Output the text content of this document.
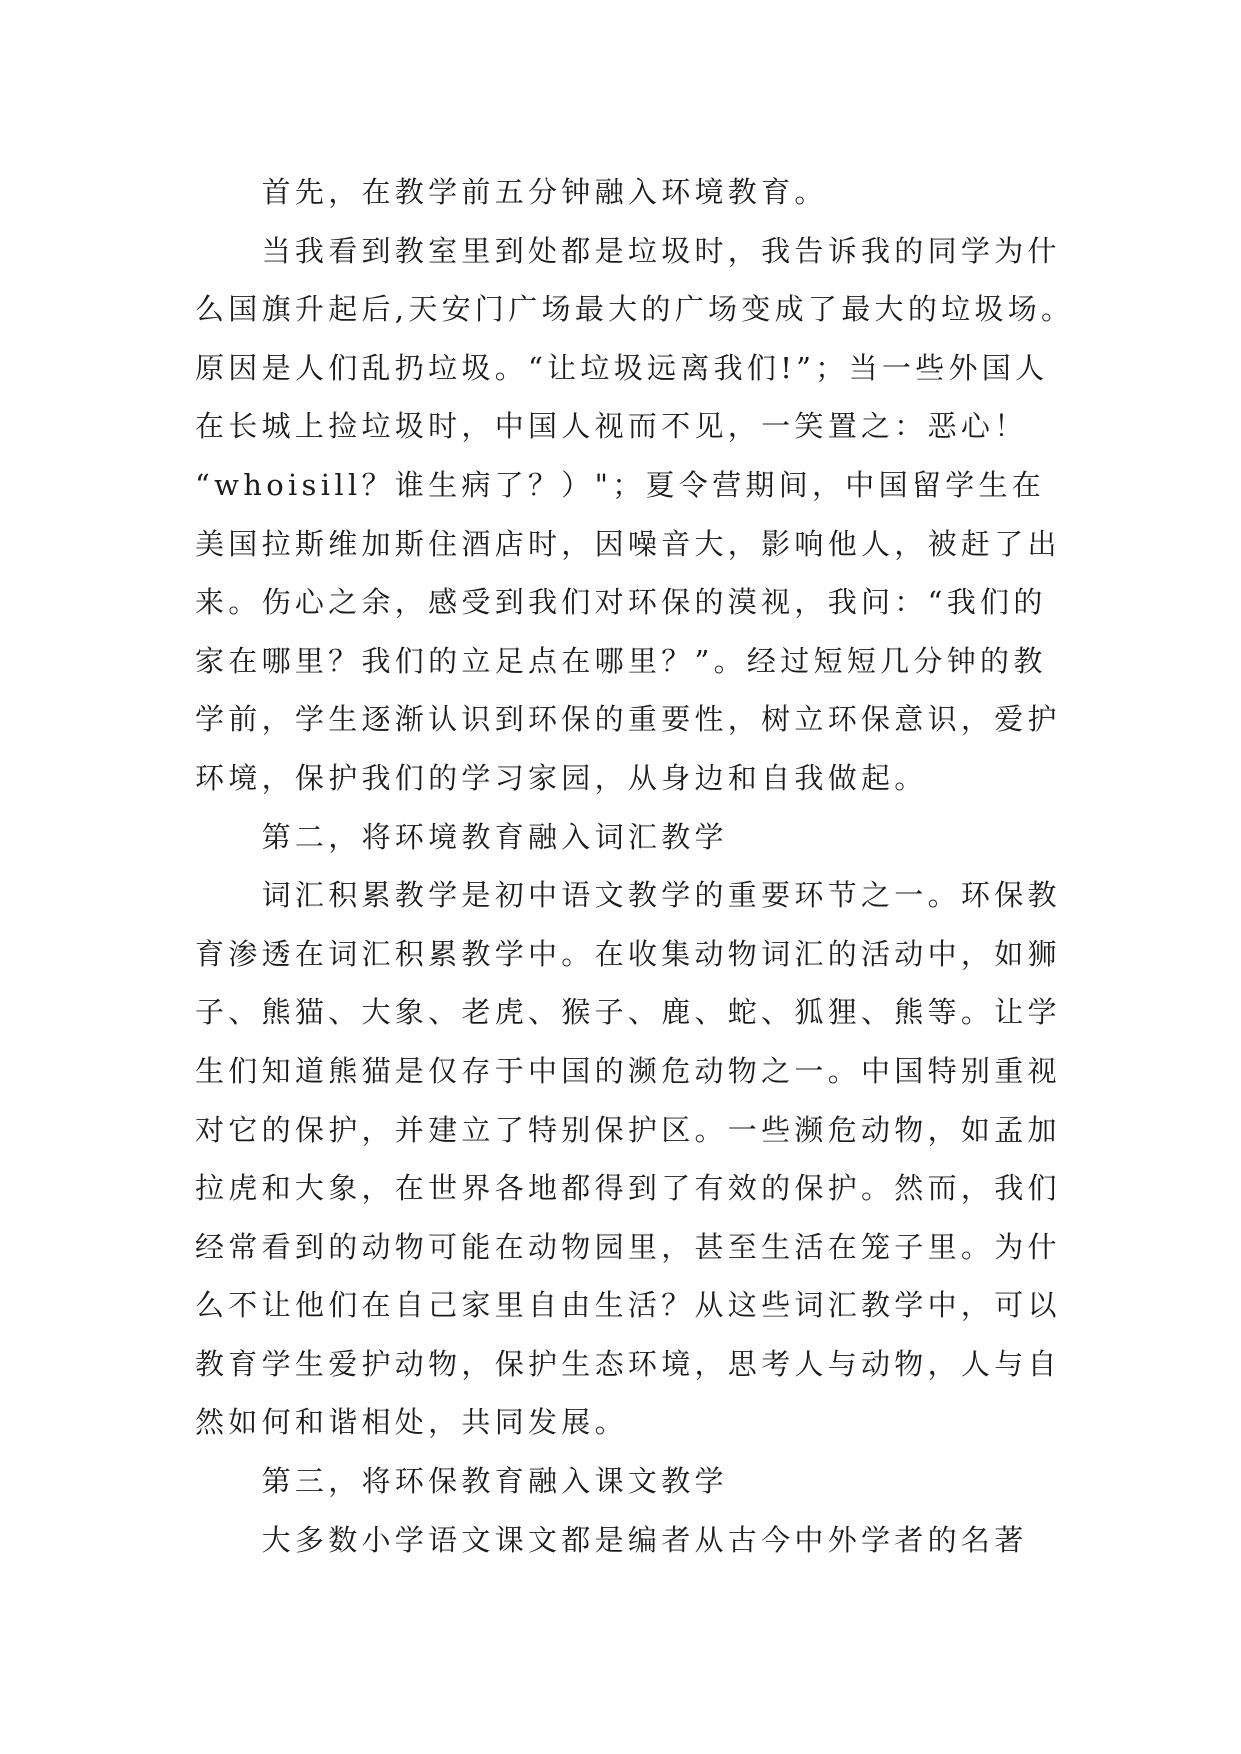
首先，在教学前五分钟融入环境教育。
当我看到教室里到处都是垃圾时，我告诉我的同学为什
么国旗升起后,天安门广场最大的广场变成了最大的垃圾场。
原因是人们乱扔垃圾。“让垃圾远离我们!”；当一些外国人
在长城上捡垃圾时，中国人视而不见，一笑置之：恶心！
“whoisill？谁生病了？）"；夏令营期间，中国留学生在
美国拉斯维加斯住酒店时，因噪音大，影响他人，被赶了出
来。伤心之余，感受到我们对环保的漠视，我问：“我们的
家在哪里？我们的立足点在哪里？”。经过短短几分钟的教
学前，学生逐渐认识到环保的重要性，树立环保意识，爱护
环境，保护我们的学习家园，从身边和自我做起。
第二，将环境教育融入词汇教学
词汇积累教学是初中语文教学的重要环节之一。环保教
育渗透在词汇积累教学中。在收集动物词汇的活动中，如狮
子、熊猫、大象、老虎、猴子、鹿、蛇、狐狸、熊等。让学
生们知道熊猫是仅存于中国的濒危动物之一。中国特别重视
对它的保护，并建立了特别保护区。一些濒危动物，如孟加
拉虎和大象，在世界各地都得到了有效的保护。然而，我们
经常看到的动物可能在动物园里，甚至生活在笼子里。为什
么不让他们在自己家里自由生活？从这些词汇教学中，可以
教育学生爱护动物，保护生态环境，思考人与动物，人与自
然如何和谐相处，共同发展。
第三，将环保教育融入课文教学
大多数小学语文课文都是编者从古今中外学者的名著
